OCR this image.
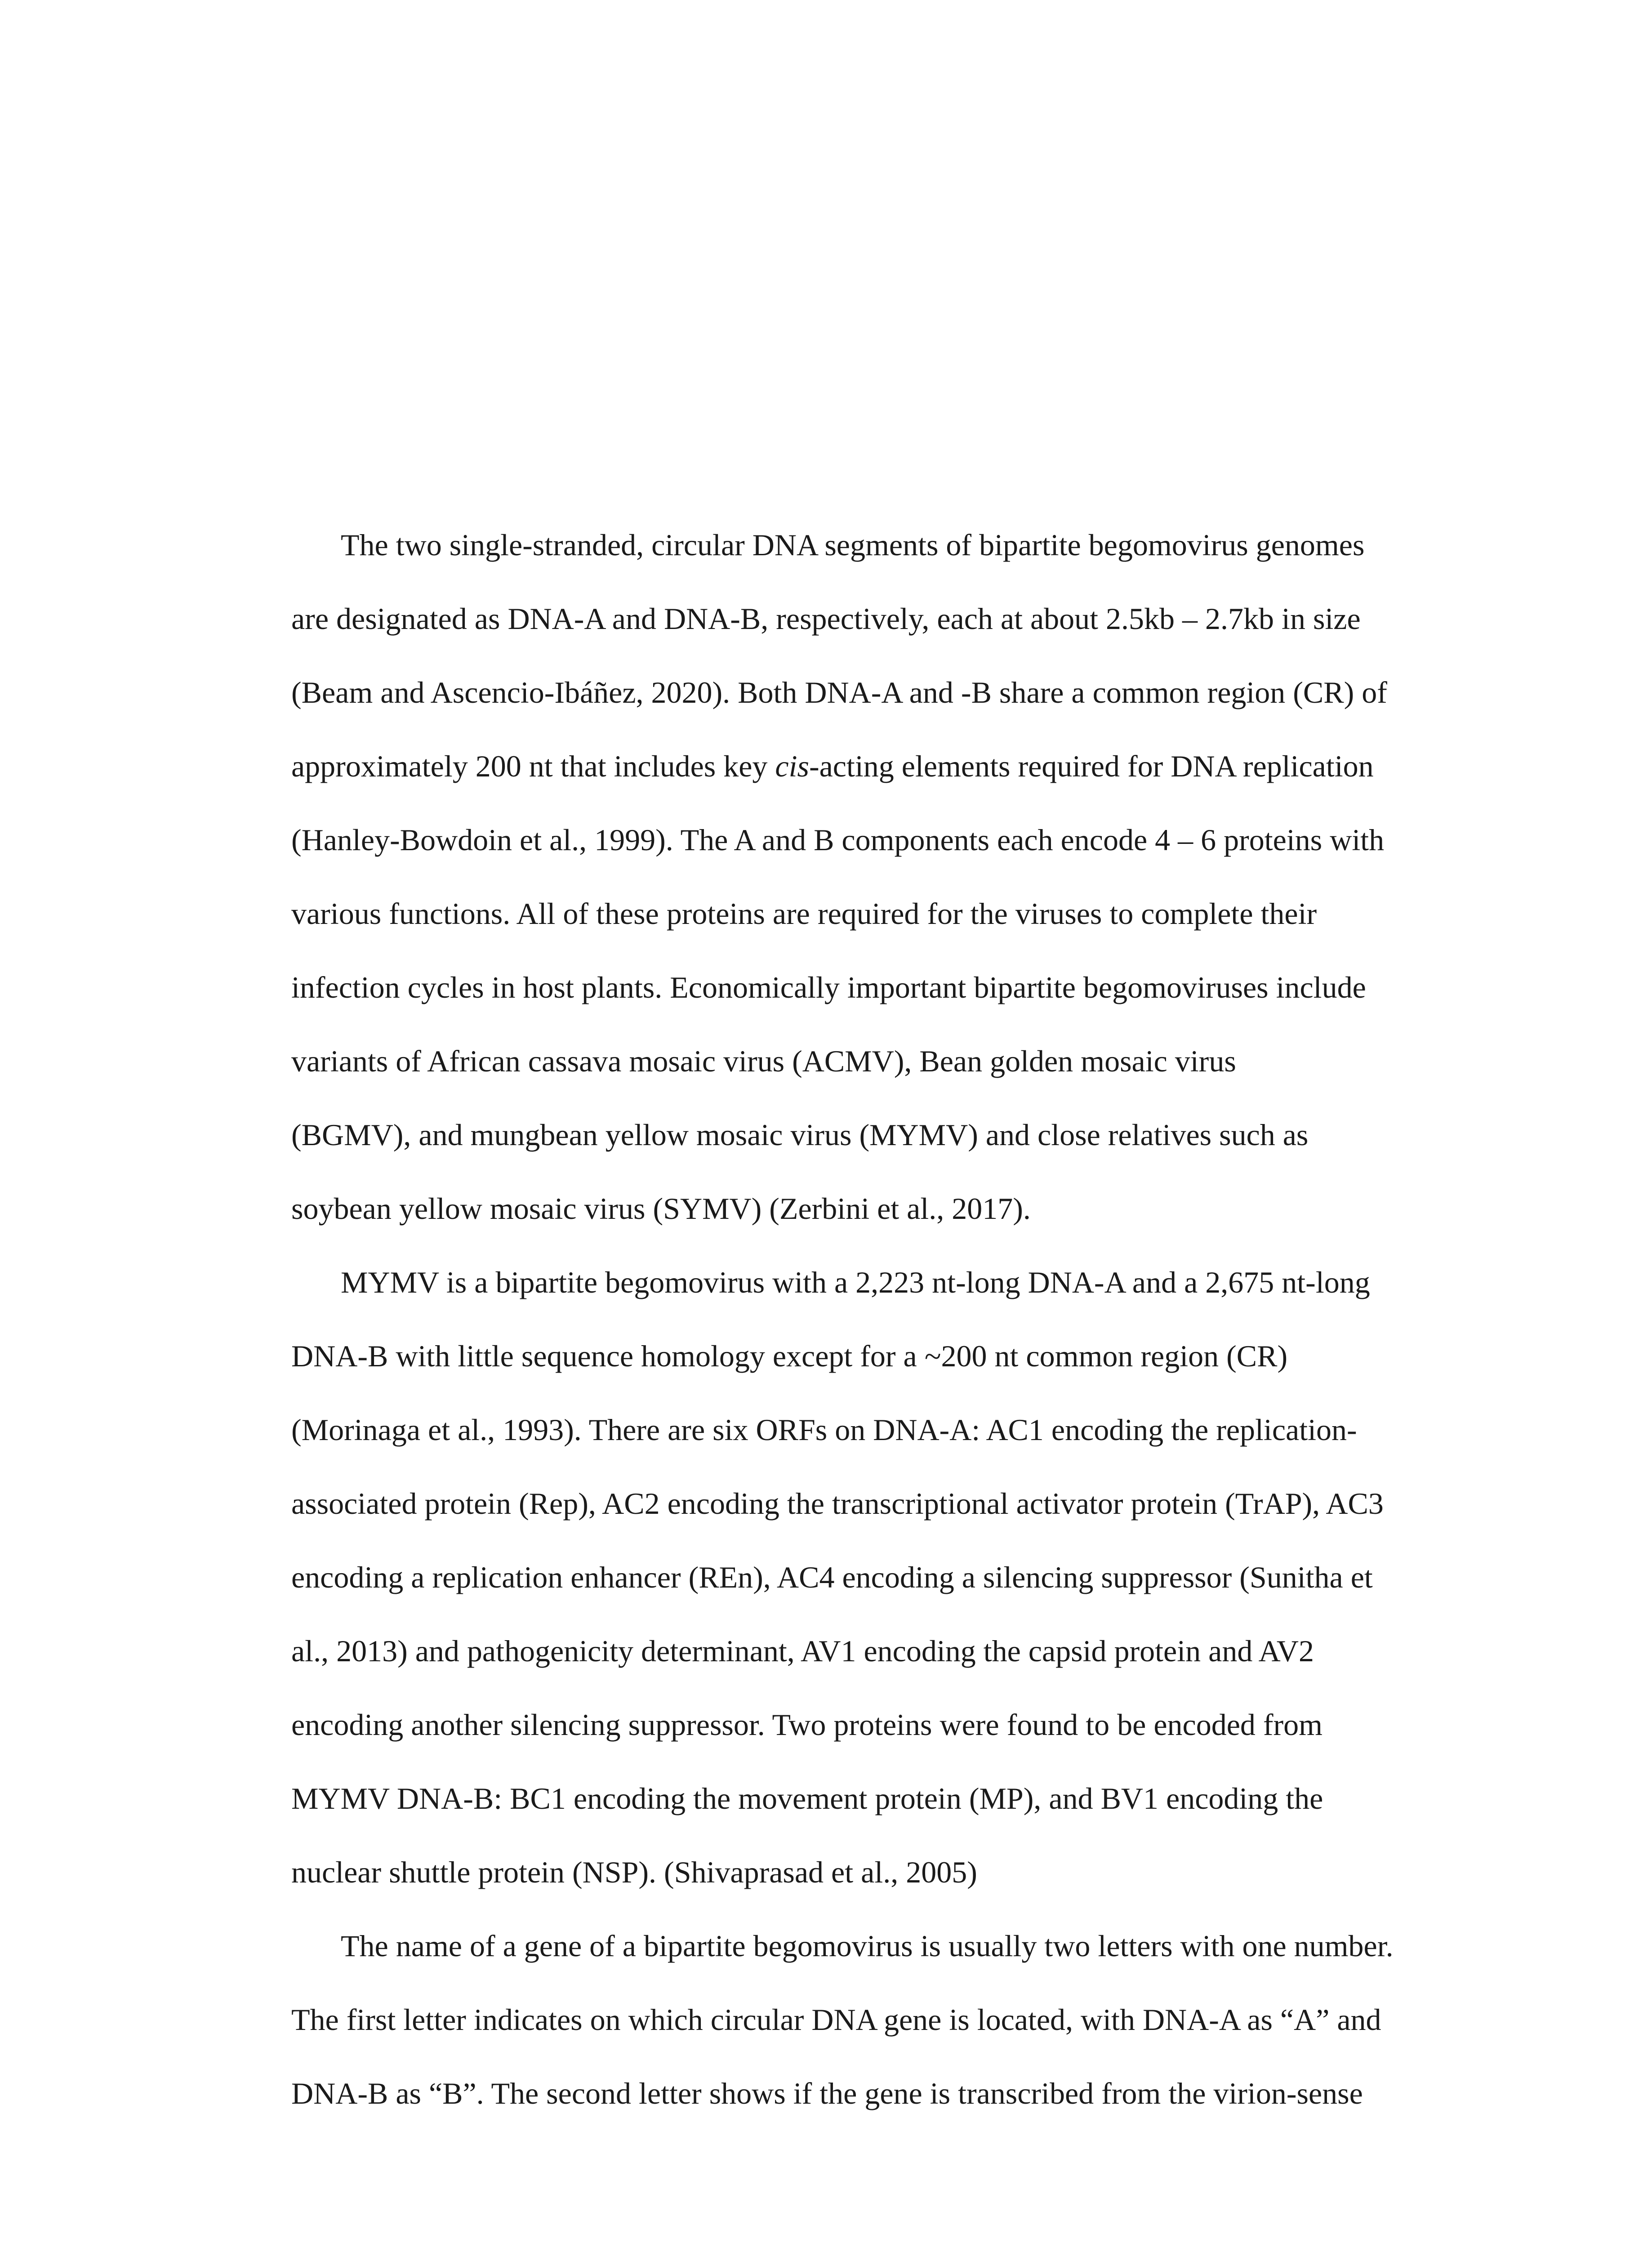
The two single-stranded, circular DNA segments of bipartite begomovirus genomes
are designated as DNA-A and DNA-B, respectively, each at about 2.5kb – 2.7kb in size
(Beam and Ascencio-Ibáñez, 2020). Both DNA-A and -B share a common region (CR) of
approximately 200 nt that includes key cis-acting elements required for DNA replication
(Hanley-Bowdoin et al., 1999). The A and B components each encode 4 – 6 proteins with
various functions. All of these proteins are required for the viruses to complete their
infection cycles in host plants. Economically important bipartite begomoviruses include
variants of African cassava mosaic virus (ACMV), Bean golden mosaic virus
(BGMV), and mungbean yellow mosaic virus (MYMV) and close relatives such as
soybean yellow mosaic virus (SYMV) (Zerbini et al., 2017).
MYMV is a bipartite begomovirus with a 2,223 nt-long DNA-A and a 2,675 nt-long
DNA-B with little sequence homology except for a ~200 nt common region (CR)
(Morinaga et al., 1993). There are six ORFs on DNA-A: AC1 encoding the replication-
associated protein (Rep), AC2 encoding the transcriptional activator protein (TrAP), AC3
encoding a replication enhancer (REn), AC4 encoding a silencing suppressor (Sunitha et
al., 2013) and pathogenicity determinant, AV1 encoding the capsid protein and AV2
encoding another silencing suppressor. Two proteins were found to be encoded from
MYMV DNA-B: BC1 encoding the movement protein (MP), and BV1 encoding the
nuclear shuttle protein (NSP). (Shivaprasad et al., 2005)
The name of a gene of a bipartite begomovirus is usually two letters with one number.
The first letter indicates on which circular DNA gene is located, with DNA-A as “A” and
DNA-B as “B”. The second letter shows if the gene is transcribed from the virion-sense
